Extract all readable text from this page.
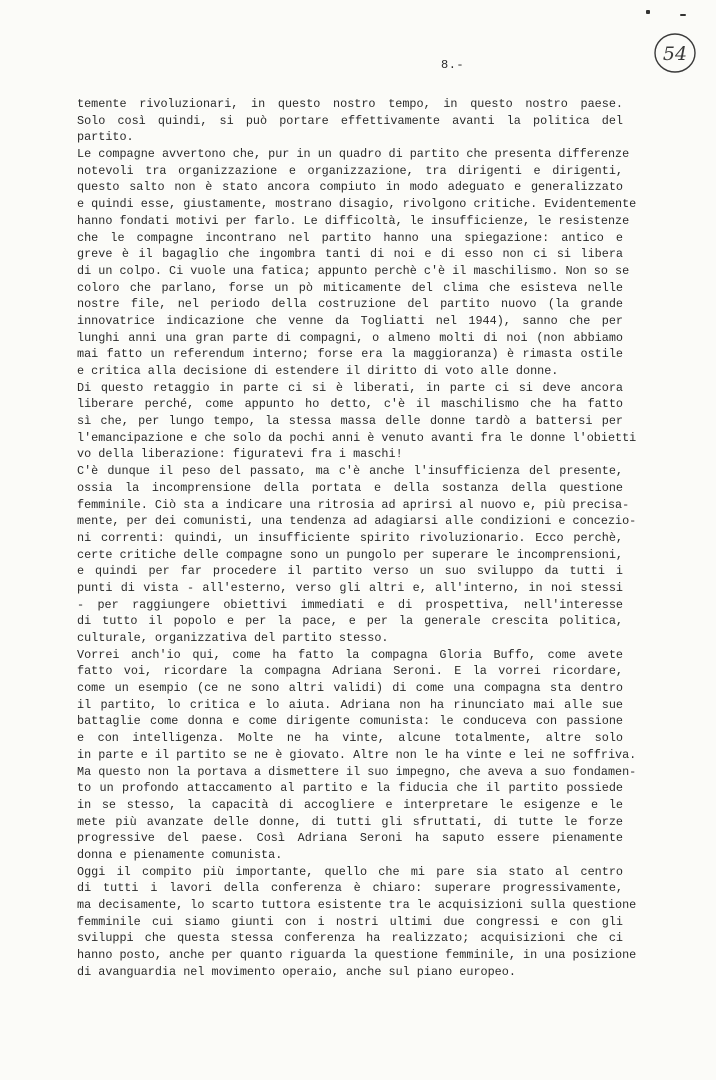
8.-	54
temente rivoluzionari, in questo nostro tempo, in questo nostro paese.
Solo così quindi, si può portare effettivamente avanti la politica del
partito.
Le compagne avvertono che, pur in un quadro di partito che presenta differenze
notevoli tra organizzazione e organizzazione, tra dirigenti e dirigenti,
questo salto non è stato ancora compiuto in modo adeguato e generalizzato
e quindi esse, giustamente, mostrano disagio, rivolgono critiche. Evidentemente
hanno fondati motivi per farlo. Le difficoltà, le insufficienze, le resistenze
che le compagne incontrano nel partito hanno una spiegazione: antico e
greve è il bagaglio che ingombra tanti di noi e di esso non ci si libera
di un colpo. Ci vuole una fatica; appunto perchè c'è il maschilismo. Non so se
coloro che parlano, forse un pò miticamente del clima che esisteva nelle
nostre file, nel periodo della costruzione del partito nuovo (la grande
innovatrice indicazione che venne da Togliatti nel 1944), sanno che per
lunghi anni una gran parte di compagni, o almeno molti di noi (non abbiamo
mai fatto un referendum interno; forse era la maggioranza) è rimasta ostile
e critica alla decisione di estendere il diritto di voto alle donne.
Di questo retaggio in parte ci si è liberati, in parte ci si deve ancora
liberare perché, come appunto ho detto, c'è il maschilismo che ha fatto
sì che, per lungo tempo, la stessa massa delle donne tardò a battersi per
l'emancipazione e che solo da pochi anni è venuto avanti fra le donne l'obietti
vo della liberazione: figuratevi fra i maschi!
C'è dunque il peso del passato, ma c'è anche l'insufficienza del presente,
ossia la incomprensione della portata e della sostanza della questione
femminile. Ciò sta a indicare una ritrosia ad aprirsi al nuovo e, più precisa-
mente, per dei comunisti, una tendenza ad adagiarsi alle condizioni e concezio-
ni correnti: quindi, un insufficiente spirito rivoluzionario. Ecco perchè,
certe critiche delle compagne sono un pungolo per superare le incomprensioni,
e quindi per far procedere il partito verso un suo sviluppo da tutti i
punti di vista - all'esterno, verso gli altri e, all'interno, in noi stessi
- per raggiungere obiettivi immediati e di prospettiva, nell'interesse
di tutto il popolo e per la pace, e per la generale crescita politica,
culturale, organizzativa del partito stesso.
Vorrei anch'io qui, come ha fatto la compagna Gloria Buffo, come avete
fatto voi, ricordare la compagna Adriana Seroni. E la vorrei ricordare,
come un esempio (ce ne sono altri validi) di come una compagna sta dentro
il partito, lo critica e lo aiuta. Adriana non ha rinunciato mai alle sue
battaglie come donna e come dirigente comunista: le conduceva con passione
e con intelligenza. Molte ne ha vinte, alcune totalmente, altre solo
in parte e il partito se ne è giovato. Altre non le ha vinte e lei ne soffriva.
Ma questo non la portava a dismettere il suo impegno, che aveva a suo fondamen-
to un profondo attaccamento al partito e la fiducia che il partito possiede
in se stesso, la capacità di accogliere e interpretare le esigenze e le
mete più avanzate delle donne, di tutti gli sfruttati, di tutte le forze
progressive del paese. Così Adriana Seroni ha saputo essere pienamente
donna e pienamente comunista.
Oggi il compito più importante, quello che mi pare sia stato al centro
di tutti i lavori della conferenza è chiaro: superare progressivamente,
ma decisamente, lo scarto tuttora esistente tra le acquisizioni sulla questione
femminile cui siamo giunti con i nostri ultimi due congressi e con gli
sviluppi che questa stessa conferenza ha realizzato; acquisizioni che ci
hanno posto, anche per quanto riguarda la questione femminile, in una posizione
di avanguardia nel movimento operaio, anche sul piano europeo.
